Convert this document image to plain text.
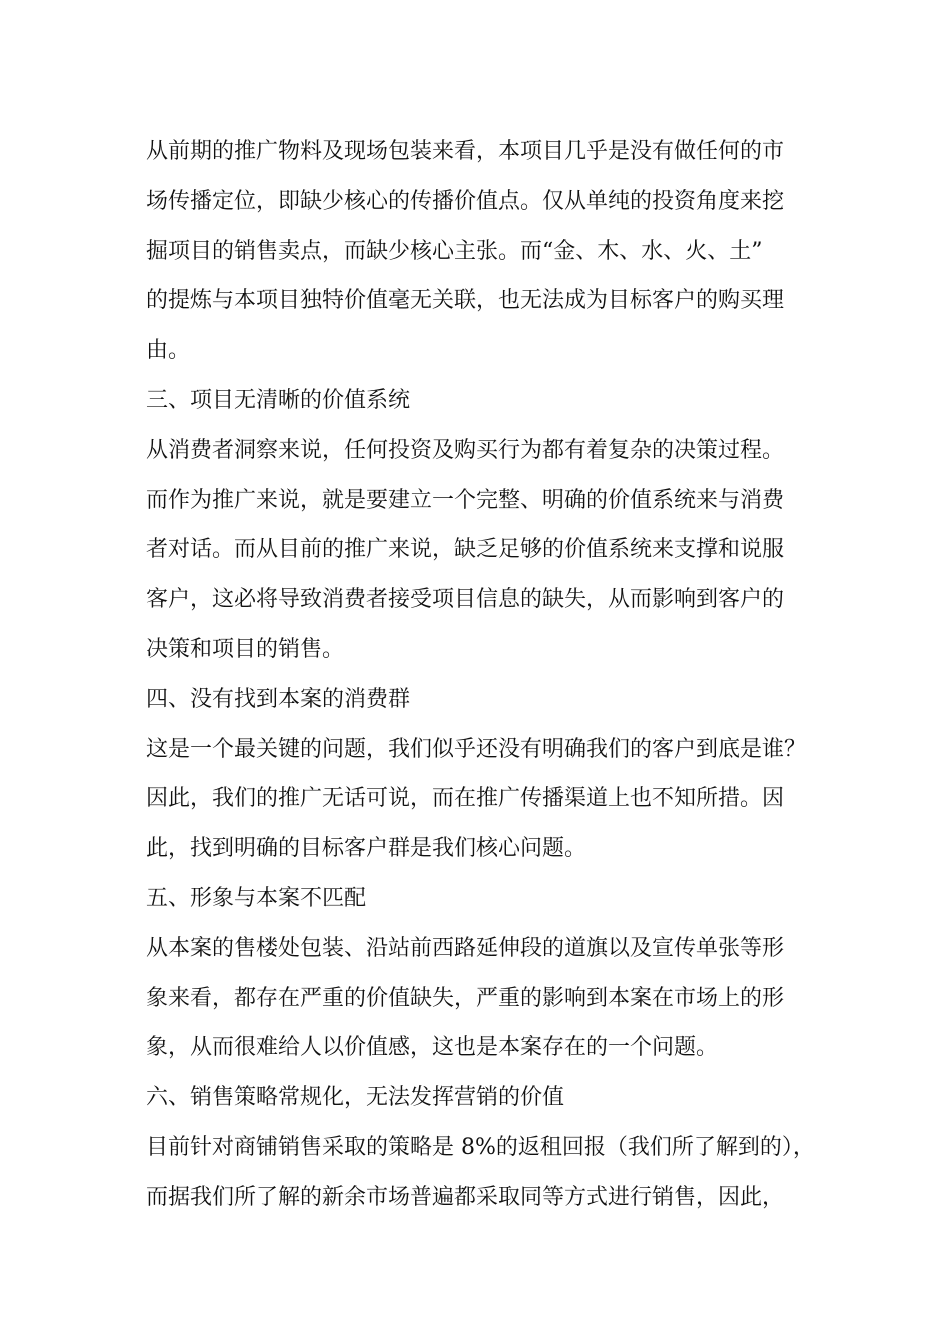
从前期的推广物料及现场包装来看，本项目几乎是没有做任何的市
场传播定位，即缺少核心的传播价值点。仅从单纯的投资角度来挖
掘项目的销售卖点，而缺少核心主张。而“金、木、水、火、土”
的提炼与本项目独特价值毫无关联，也无法成为目标客户的购买理
由。
三、项目无清晰的价值系统
从消费者洞察来说，任何投资及购买行为都有着复杂的决策过程。
而作为推广来说，就是要建立一个完整、明确的价值系统来与消费
者对话。而从目前的推广来说，缺乏足够的价值系统来支撑和说服
客户，这必将导致消费者接受项目信息的缺失，从而影响到客户的
决策和项目的销售。
四、没有找到本案的消费群
这是一个最关键的问题，我们似乎还没有明确我们的客户到底是谁？
因此，我们的推广无话可说，而在推广传播渠道上也不知所措。因
此，找到明确的目标客户群是我们核心问题。
五、形象与本案不匹配
从本案的售楼处包装、沿站前西路延伸段的道旗以及宣传单张等形
象来看，都存在严重的价值缺失，严重的影响到本案在市场上的形
象，从而很难给人以价值感，这也是本案存在的一个问题。
六、销售策略常规化，无法发挥营销的价值
目前针对商铺销售采取的策略是 8%的返租回报（我们所了解到的），
而据我们所了解的新余市场普遍都采取同等方式进行销售，因此，
